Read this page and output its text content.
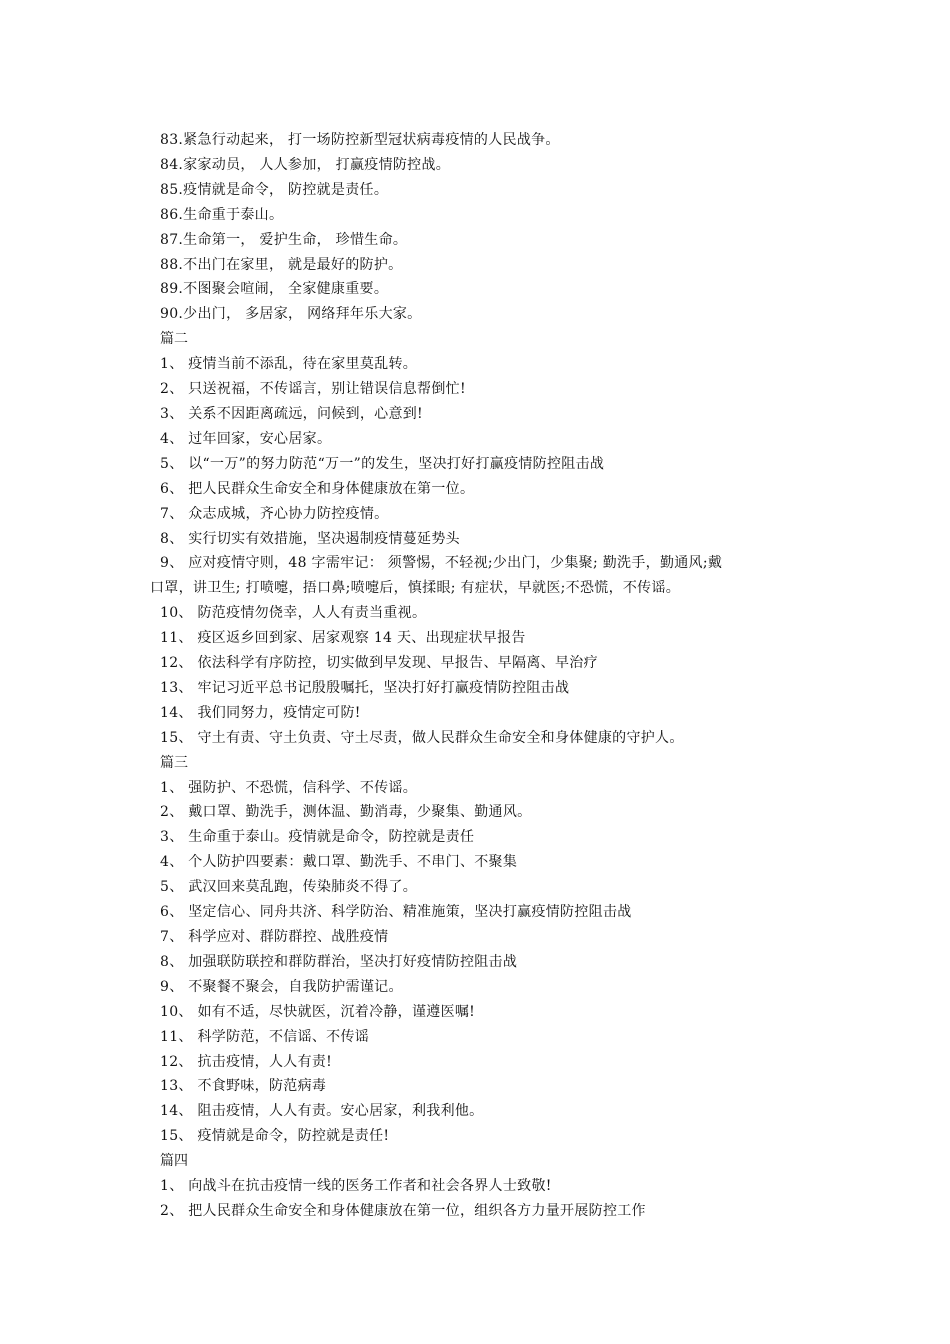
83.紧急行动起来， 打一场防控新型冠状病毒疫情的人民战争。
84.家家动员， 人人参加， 打赢疫情防控战。
85.疫情就是命令， 防控就是责任。
86.生命重于泰山。
87.生命第一， 爱护生命， 珍惜生命。
88.不出门在家里， 就是最好的防护。
89.不图聚会喧闹， 全家健康重要。
90.少出门， 多居家， 网络拜年乐大家。
篇二
1、 疫情当前不添乱，待在家里莫乱转。
2、 只送祝福，不传谣言，别让错误信息帮倒忙!
3、 关系不因距离疏远，问候到，心意到!
4、 过年回家，安心居家。
5、 以“一万”的努力防范“万一”的发生，坚决打好打赢疫情防控阻击战
6、 把人民群众生命安全和身体健康放在第一位。
7、 众志成城，齐心协力防控疫情。
8、 实行切实有效措施，坚决遏制疫情蔓延势头
9、 应对疫情守则，48 字需牢记： 须警惕，不轻视;少出门，少集聚; 勤洗手，勤通风;戴
口罩，讲卫生; 打喷嚏，捂口鼻;喷嚏后，慎揉眼; 有症状，早就医;不恐慌，不传谣。
10、 防范疫情勿侥幸，人人有责当重视。
11、 疫区返乡回到家、居家观察 14 天、出现症状早报告
12、 依法科学有序防控，切实做到早发现、早报告、早隔离、早治疗
13、 牢记习近平总书记殷殷嘱托，坚决打好打赢疫情防控阻击战
14、 我们同努力，疫情定可防!
15、 守土有责、守土负责、守土尽责，做人民群众生命安全和身体健康的守护人。
篇三
1、 强防护、不恐慌，信科学、不传谣。
2、 戴口罩、勤洗手，测体温、勤消毒，少聚集、勤通风。
3、 生命重于泰山。疫情就是命令，防控就是责任
4、 个人防护四要素：戴口罩、勤洗手、不串门、不聚集
5、 武汉回来莫乱跑，传染肺炎不得了。
6、 坚定信心、同舟共济、科学防治、精准施策，坚决打赢疫情防控阻击战
7、 科学应对、群防群控、战胜疫情
8、 加强联防联控和群防群治，坚决打好疫情防控阻击战
9、 不聚餐不聚会，自我防护需谨记。
10、 如有不适，尽快就医，沉着冷静，谨遵医嘱!
11、 科学防范，不信谣、不传谣
12、 抗击疫情，人人有责!
13、 不食野味，防范病毒
14、 阻击疫情，人人有责。安心居家，利我利他。
15、 疫情就是命令，防控就是责任!
篇四
1、 向战斗在抗击疫情一线的医务工作者和社会各界人士致敬!
2、 把人民群众生命安全和身体健康放在第一位，组织各方力量开展防控工作
